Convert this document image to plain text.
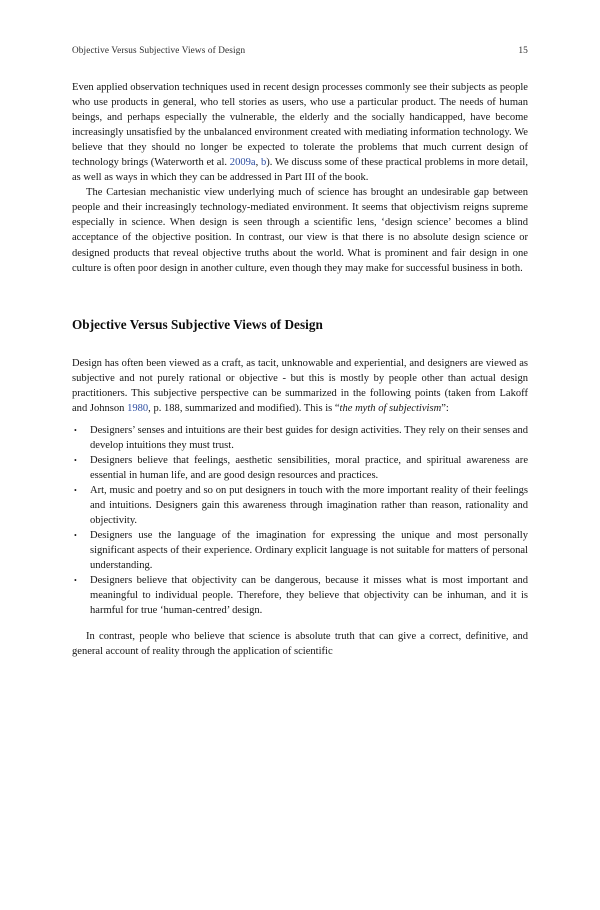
Objective Versus Subjective Views of Design	15

Even applied observation techniques used in recent design processes commonly see their subjects as people who use products in general, who tell stories as users, who use a particular product. The needs of human beings, and perhaps especially the vulnerable, the elderly and the socially handicapped, have become increasingly unsatisfied by the unbalanced environment created with mediating information technology. We believe that they should no longer be expected to tolerate the problems that much current design of technology brings (Waterworth et al. 2009a, b). We discuss some of these practical problems in more detail, as well as ways in which they can be addressed in Part III of the book.

The Cartesian mechanistic view underlying much of science has brought an undesirable gap between people and their increasingly technology-mediated environment. It seems that objectivism reigns supreme especially in science. When design is seen through a scientific lens, ‘design science’ becomes a blind acceptance of the objective position. In contrast, our view is that there is no absolute design science or designed products that reveal objective truths about the world. What is prominent and fair design in one culture is often poor design in another culture, even though they may make for successful business in both.

Objective Versus Subjective Views of Design

Design has often been viewed as a craft, as tacit, unknowable and experiential, and designers are viewed as subjective and not purely rational or objective - but this is mostly by people other than actual design practitioners. This subjective perspective can be summarized in the following points (taken from Lakoff and Johnson 1980, p. 188, summarized and modified). This is “the myth of subjectivism”:

• Designers’ senses and intuitions are their best guides for design activities. They rely on their senses and develop intuitions they must trust.
• Designers believe that feelings, aesthetic sensibilities, moral practice, and spiritual awareness are essential in human life, and are good design resources and practices.
• Art, music and poetry and so on put designers in touch with the more important reality of their feelings and intuitions. Designers gain this awareness through imagination rather than reason, rationality and objectivity.
• Designers use the language of the imagination for expressing the unique and most personally significant aspects of their experience. Ordinary explicit language is not suitable for matters of personal understanding.
• Designers believe that objectivity can be dangerous, because it misses what is most important and meaningful to individual people. Therefore, they believe that objectivity can be inhuman, and it is harmful for true ‘human-centred’ design.

In contrast, people who believe that science is absolute truth that can give a correct, definitive, and general account of reality through the application of scientific
